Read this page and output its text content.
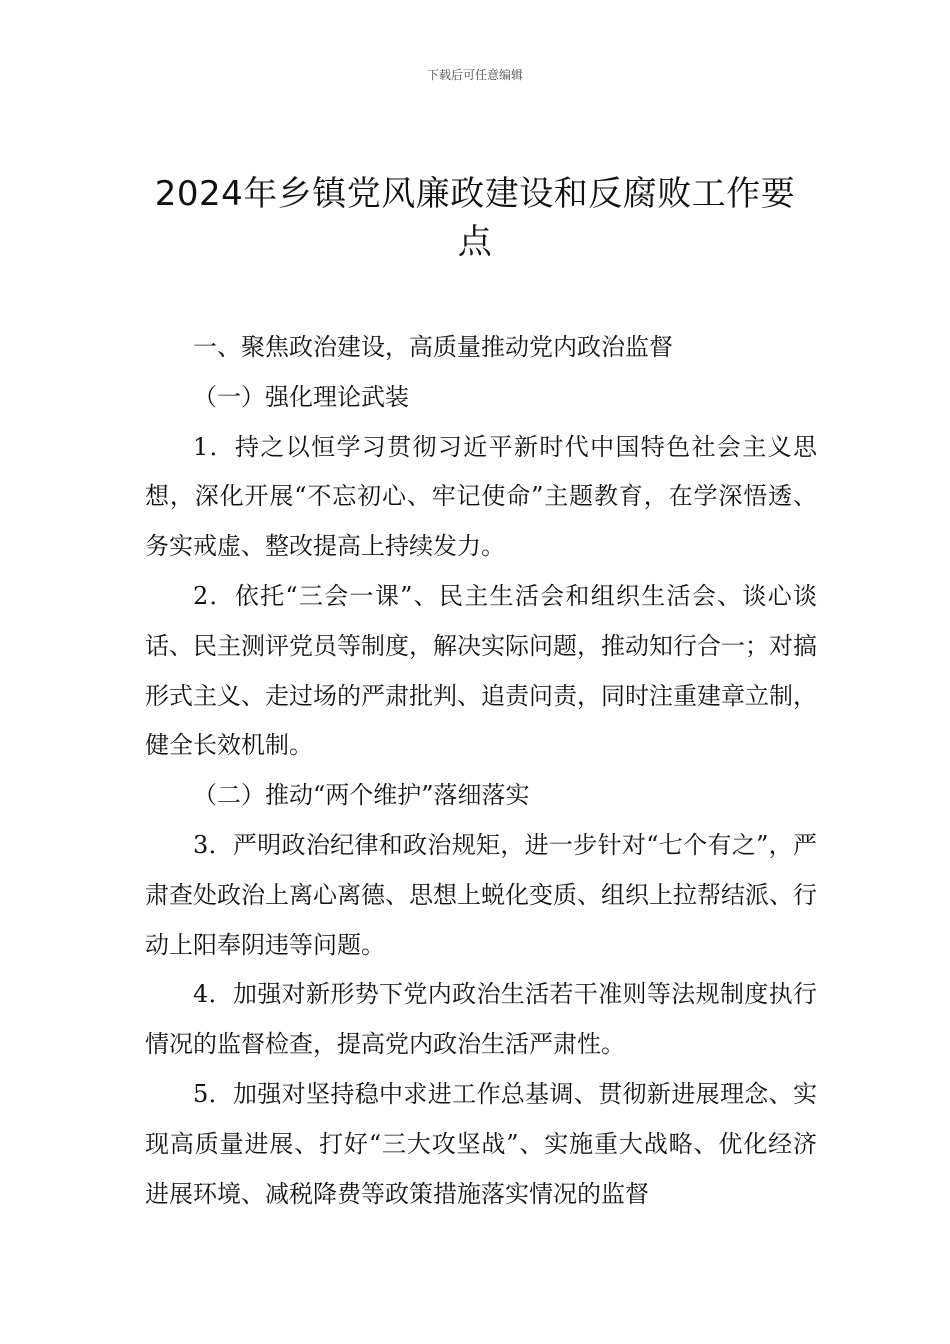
下载后可任意编辑
2024年乡镇党风廉政建设和反腐败工作要点

一、聚焦政治建设，高质量推动党内政治监督

（一）强化理论武装

1．持之以恒学习贯彻习近平新时代中国特色社会主义思想，深化开展“不忘初心、牢记使命”主题教育，在学深悟透、务实戒虚、整改提高上持续发力。

2．依托“三会一课”、民主生活会和组织生活会、谈心谈话、民主测评党员等制度，解决实际问题，推动知行合一；对搞形式主义、走过场的严肃批判、追责问责，同时注重建章立制，健全长效机制。

（二）推动“两个维护”落细落实

3．严明政治纪律和政治规矩，进一步针对“七个有之”，严肃查处政治上离心离德、思想上蜕化变质、组织上拉帮结派、行动上阳奉阴违等问题。

4．加强对新形势下党内政治生活若干准则等法规制度执行情况的监督检查，提高党内政治生活严肃性。

5．加强对坚持稳中求进工作总基调、贯彻新进展理念、实现高质量进展、打好“三大攻坚战”、实施重大战略、优化经济进展环境、减税降费等政策措施落实情况的监督
